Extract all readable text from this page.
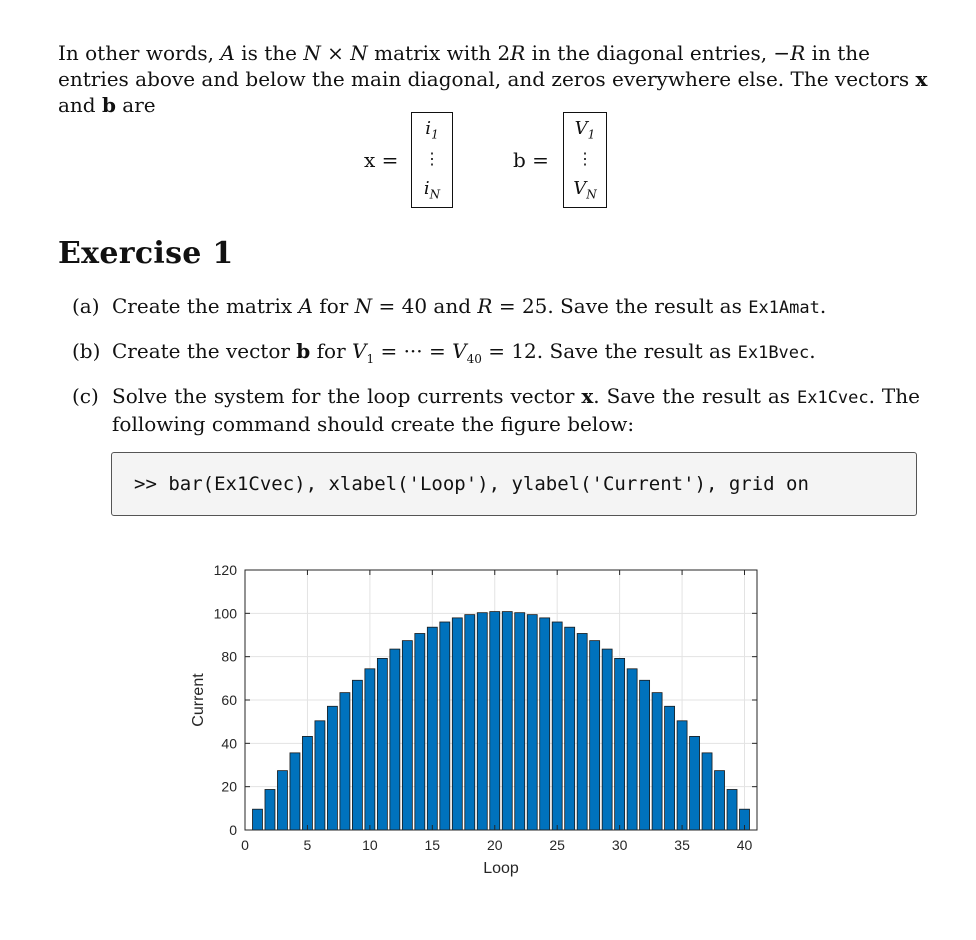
In other words, A is the N × N matrix with 2R in the diagonal entries, −R in the entries above and below the main diagonal, and zeros everywhere else. The vectors x and b are
x =
$i_1$
⋮
$i_N$
b =
$V_1$
⋮
$V_N$
Exercise 1
(a) Create the matrix A for N = 40 and R = 25. Save the result as Ex1Amat.
(b) Create the vector b for $V_1$ = ··· = $V_{40} = 12$. Save the result as Ex1Bvec.
(c) Solve the system for the loop currents vector x. Save the result as Ex1Cvec. The following command should create the figure below:
>> bar(Ex1Cvec), xlabel('Loop'), ylabel('Current'), grid on
0	5	10	15	20	25	30	35	40
0
20
40
60
80
100
120
Loop
Current
